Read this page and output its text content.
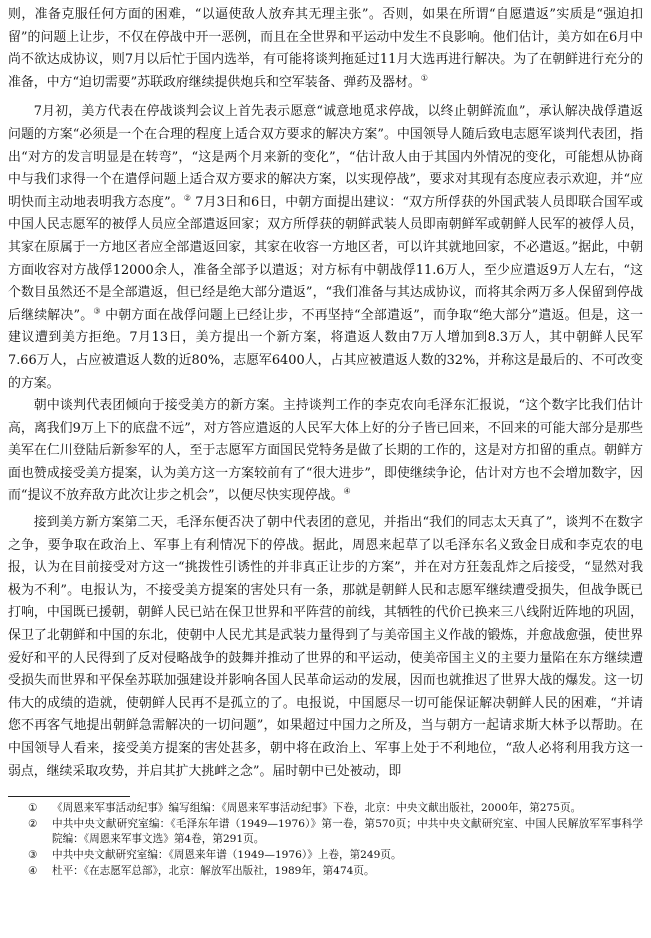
则，准备克服任何方面的困难，“以逼使敌人放弃其无理主张”。否则，如果在所谓“自愿遣返”实质是“强迫扣留”的问题上让步，不仅在停战中开一恶例，而且在全世界和平运动中发生不良影响。他们估计，美方如在6月中尚不欲达成协议，则7月以后忙于国内选举，有可能将谈判拖延过11月大选再进行解决。为了在朝鲜进行充分的准备，中方“迫切需要”苏联政府继续提供炮兵和空军装备、弹药及器材。①

7月初，美方代表在停战谈判会议上首先表示愿意“诚意地觅求停战，以终止朝鲜流血”，承认解决战俘遣返问题的方案“必须是一个在合理的程度上适合双方要求的解决方案”。中国领导人随后致电志愿军谈判代表团，指出“对方的发言明显是在转弯”，“这是两个月来新的变化”，“估计敌人由于其国内外情况的变化，可能想从协商中与我们求得一个在遣俘问题上适合双方要求的解决方案，以实现停战”，要求对其现有态度应表示欢迎，并“应明快而主动地表明我方态度”。② 7月3日和6日，中朝方面提出建议：“双方所俘获的外国武装人员即联合国军或中国人民志愿军的被俘人员应全部遣返回家；双方所俘获的朝鲜武装人员即南朝鲜军或朝鲜人民军的被俘人员，其家在原属于一方地区者应全部遣返回家，其家在收容一方地区者，可以许其就地回家，不必遣返。”据此，中朝方面收容对方战俘12000余人，准备全部予以遣返；对方标有中朝战俘11.6万人，至少应遣返9万人左右，“这个数目虽然还不是全部遣返，但已经是绝大部分遣返”，“我们准备与其达成协议，而将其余两万多人保留到停战后继续解决”。③ 中朝方面在战俘问题上已经让步，不再坚持“全部遣返”，而争取“绝大部分”遣返。但是，这一建议遭到美方拒绝。7月13日，美方提出一个新方案，将遣返人数由7万人增加到8.3万人，其中朝鲜人民军7.66万人，占应被遣返人数的近80%，志愿军6400人，占其应被遣返人数的32%，并称这是最后的、不可改变的方案。

朝中谈判代表团倾向于接受美方的新方案。主持谈判工作的李克农向毛泽东汇报说，“这个数字比我们估计高，离我们9万上下的底盘不远”，对方答应遣返的人民军大体上好的分子皆已回来，不回来的可能大部分是那些美军在仁川登陆后新参军的人，至于志愿军方面国民党特务是做了长期的工作的，这是对方扣留的重点。朝鲜方面也赞成接受美方提案，认为美方这一方案较前有了“很大进步”，即使继续争论，估计对方也不会增加数字，因而“提议不放弃敌方此次让步之机会”，以便尽快实现停战。④

接到美方新方案第二天，毛泽东便否决了朝中代表团的意见，并指出“我们的同志太天真了”，谈判不在数字之争，要争取在政治上、军事上有利情况下的停战。据此，周恩来起草了以毛泽东名义致金日成和李克农的电报，认为在目前接受对方这一“挑拨性引诱性的并非真正让步的方案”，并在对方狂轰乱炸之后接受，“显然对我极为不利”。电报认为，不接受美方提案的害处只有一条，那就是朝鲜人民和志愿军继续遭受损失，但战争既已打响，中国既已援朝，朝鲜人民已站在保卫世界和平阵营的前线，其牺牲的代价已换来三八线附近阵地的巩固，保卫了北朝鲜和中国的东北，使朝中人民尤其是武装力量得到了与美帝国主义作战的锻炼，并愈战愈强，使世界爱好和平的人民得到了反对侵略战争的鼓舞并推动了世界的和平运动，使美帝国主义的主要力量陷在东方继续遭受损失而世界和平保垒苏联加强建设并影响各国人民革命运动的发展，因而也就推迟了世界大战的爆发。这一切伟大的成绩的造就，使朝鲜人民再不是孤立的了。电报说，中国愿尽一切可能保证解决朝鲜人民的困难，“并请您不再客气地提出朝鲜急需解决的一切问题”，如果超过中国力之所及，当与朝方一起请求斯大林予以帮助。在中国领导人看来，接受美方提案的害处甚多，朝中将在政治上、军事上处于不利地位，“敌人必将利用我方这一弱点，继续采取攻势，并启其扩大挑衅之念”。届时朝中已处被动，即

①	《周恩来军事活动纪事》编写组编：《周恩来军事活动纪事》下卷，北京：中央文献出版社，2000年，第275页。
②	中共中央文献研究室编：《毛泽东年谱（1949—1976）》第一卷，第570页；中共中央文献研究室、中国人民解放军军事科学院编：《周恩来军事文选》第4卷，第291页。
③	中共中央文献研究室编：《周恩来年谱（1949—1976）》上卷，第249页。
④	杜平：《在志愿军总部》，北京：解放军出版社，1989年，第474页。
